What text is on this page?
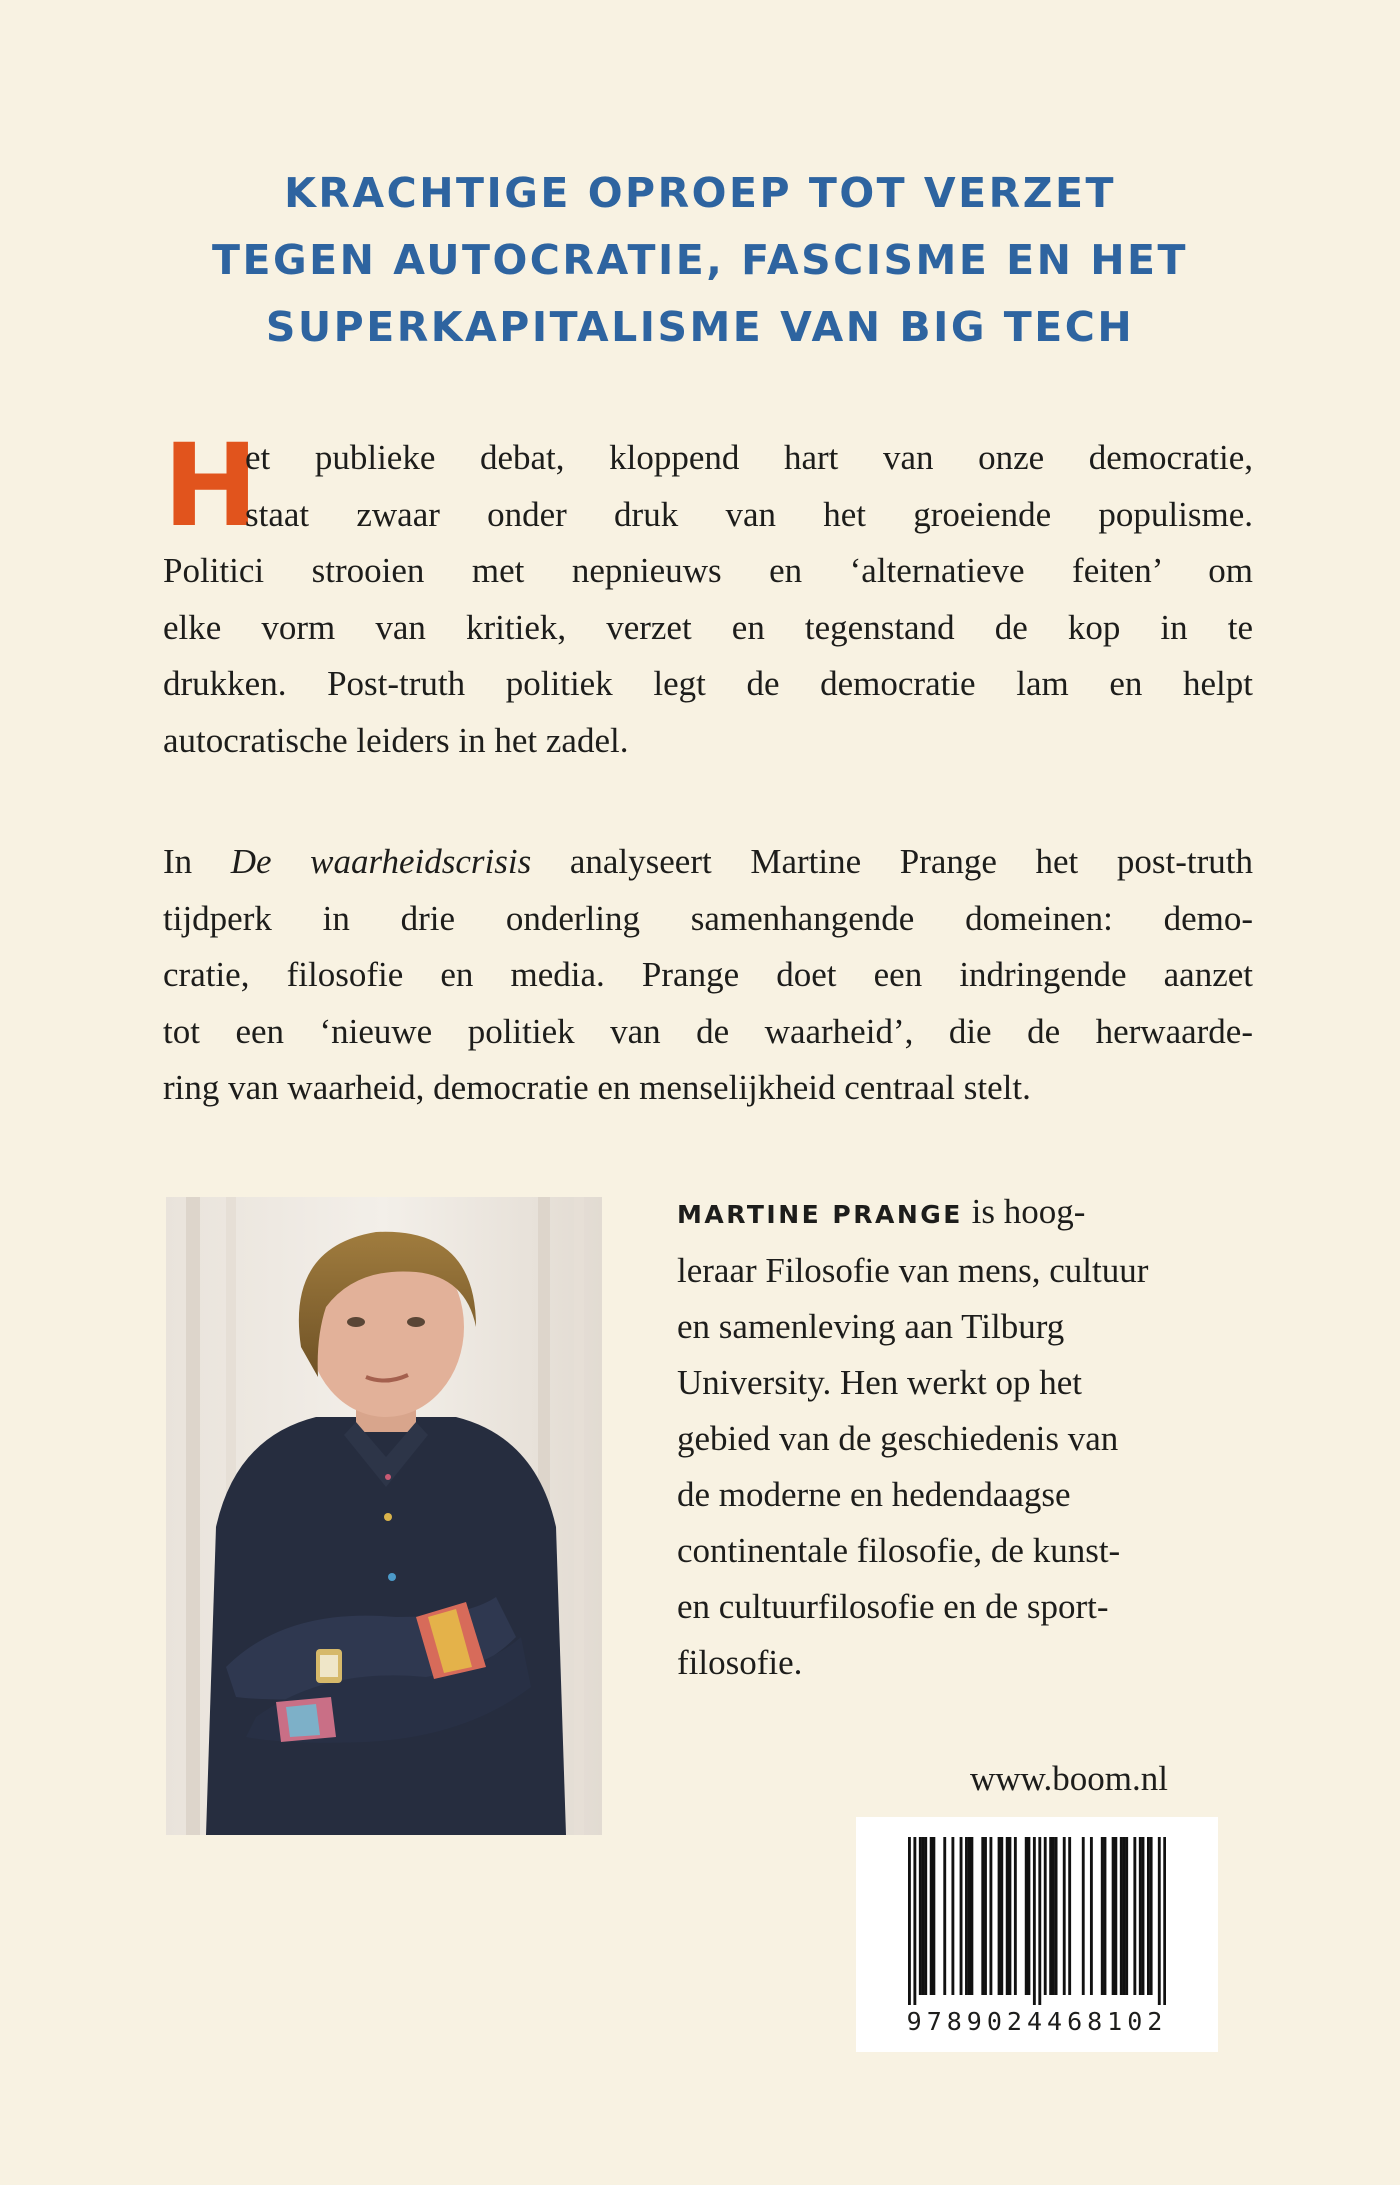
KRACHTIGE OPROEP TOT VERZET
TEGEN AUTOCRATIE, FASCISME EN HET
SUPERKAPITALISME VAN BIG TECH
H
et publieke debat, kloppend hart van onze democratie,
staat zwaar onder druk van het groeiende populisme.
Politici strooien met nepnieuws en ‘alternatieve feiten’ om
elke vorm van kritiek, verzet en tegenstand de kop in te
drukken. Post-truth politiek legt de democratie lam en helpt
autocratische leiders in het zadel.
In De waarheidscrisis analyseert Martine Prange het post-truth
tijdperk in drie onderling samenhangende domeinen: demo-
cratie, filosofie en media. Prange doet een indringende aanzet
tot een ‘nieuwe politiek van de waarheid’, die de herwaarde-
ring van waarheid, democratie en menselijkheid centraal stelt.
MARTINE PRANGE is hoog-
leraar Filosofie van mens, cultuur
en samenleving aan Tilburg
University. Hen werkt op het
gebied van de geschiedenis van
de moderne en hedendaagse
continentale filosofie, de kunst-
en cultuurfilosofie en de sport-
filosofie.
www.boom.nl
9789024468102
